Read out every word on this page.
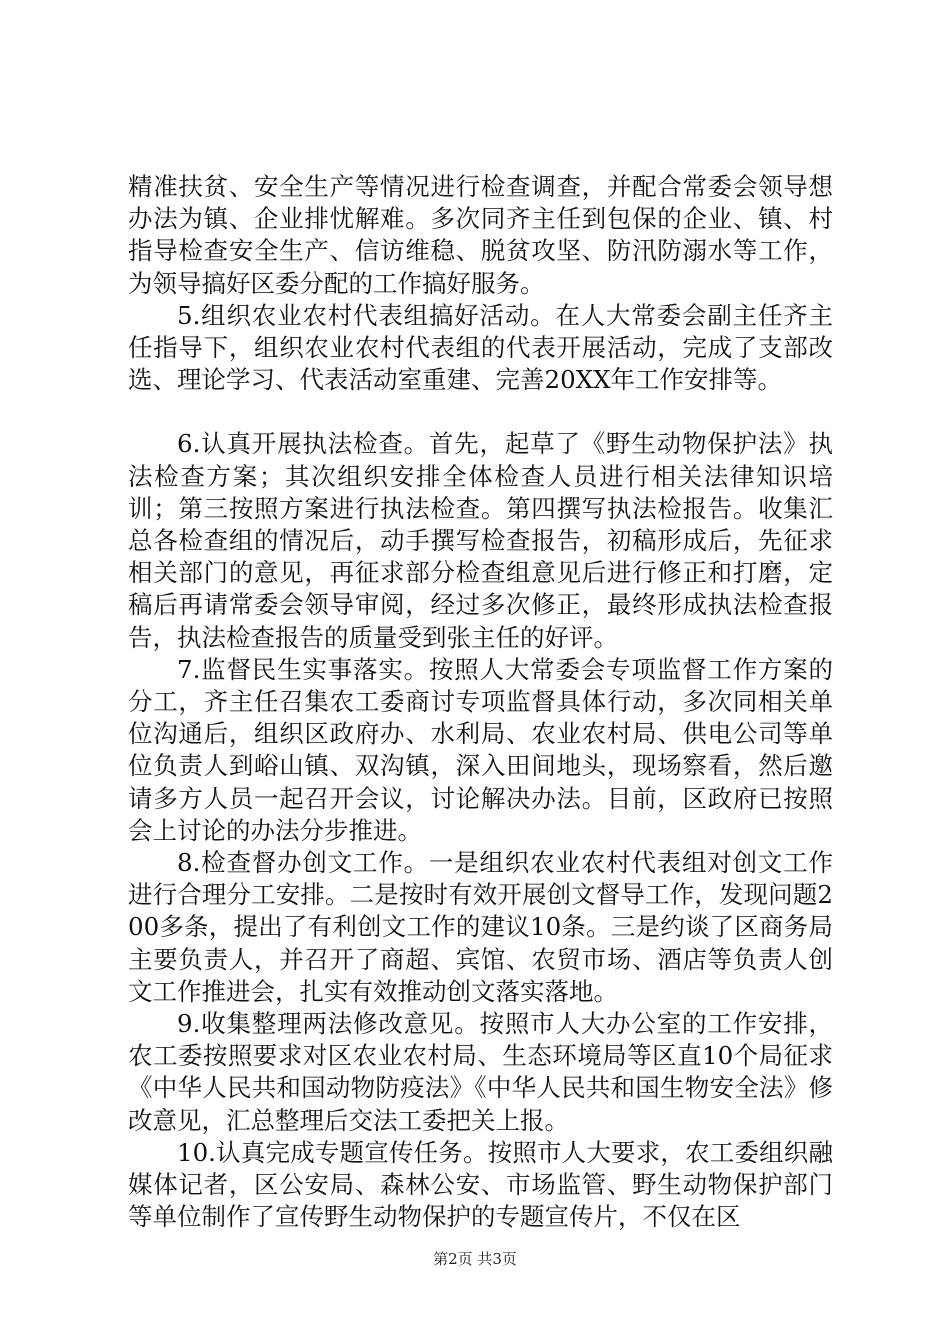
精准扶贫、安全生产等情况进行检查调查，并配合常委会领导想办法为镇、企业排忧解难。多次同齐主任到包保的企业、镇、村指导检查安全生产、信访维稳、脱贫攻坚、防汛防溺水等工作，为领导搞好区委分配的工作搞好服务。

5.组织农业农村代表组搞好活动。在人大常委会副主任齐主任指导下，组织农业农村代表组的代表开展活动，完成了支部改选、理论学习、代表活动室重建、完善20XX年工作安排等。

6.认真开展执法检查。首先，起草了《野生动物保护法》执法检查方案；其次组织安排全体检查人员进行相关法律知识培训；第三按照方案进行执法检查。第四撰写执法检报告。收集汇总各检查组的情况后，动手撰写检查报告，初稿形成后，先征求相关部门的意见，再征求部分检查组意见后进行修正和打磨，定稿后再请常委会领导审阅，经过多次修正，最终形成执法检查报告，执法检查报告的质量受到张主任的好评。

7.监督民生实事落实。按照人大常委会专项监督工作方案的分工，齐主任召集农工委商讨专项监督具体行动，多次同相关单位沟通后，组织区政府办、水利局、农业农村局、供电公司等单位负责人到峪山镇、双沟镇，深入田间地头，现场察看，然后邀请多方人员一起召开会议，讨论解决办法。目前，区政府已按照会上讨论的办法分步推进。

8.检查督办创文工作。一是组织农业农村代表组对创文工作进行合理分工安排。二是按时有效开展创文督导工作，发现问题200多条，提出了有利创文工作的建议10条。三是约谈了区商务局主要负责人，并召开了商超、宾馆、农贸市场、酒店等负责人创文工作推进会，扎实有效推动创文落实落地。

9.收集整理两法修改意见。按照市人大办公室的工作安排，农工委按照要求对区农业农村局、生态环境局等区直10个局征求《中华人民共和国动物防疫法》《中华人民共和国生物安全法》修改意见，汇总整理后交法工委把关上报。

10.认真完成专题宣传任务。按照市人大要求，农工委组织融媒体记者，区公安局、森林公安、市场监管、野生动物保护部门等单位制作了宣传野生动物保护的专题宣传片，不仅在区

第2页 共3页
